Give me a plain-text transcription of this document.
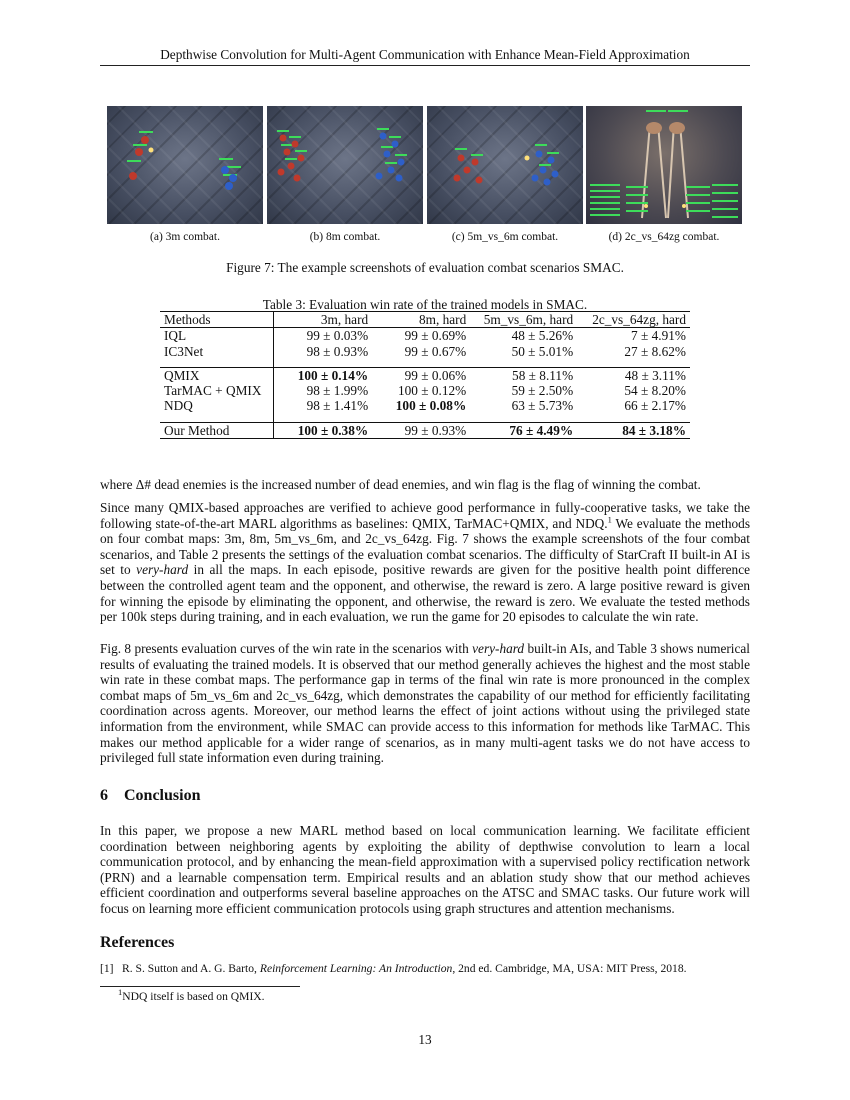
Depthwise Convolution for Multi-Agent Communication with Enhance Mean-Field Approximation
(a) 3m combat.	(b) 8m combat.	(c) 5m_vs_6m combat.	(d) 2c_vs_64zg combat.
Figure 7: The example screenshots of evaluation combat scenarios SMAC.
Table 3: Evaluation win rate of the trained models in SMAC.
Methods		3m, hard	8m, hard	5m_vs_6m, hard	2c_vs_64zg, hard
IQL		99 ± 0.03%	99 ± 0.69%	48 ± 5.26%	7 ± 4.91%
IC3Net		98 ± 0.93%	99 ± 0.67%	50 ± 5.01%	27 ± 8.62%

QMIX		100 ± 0.14%	99 ± 0.06%	58 ± 8.11%	48 ± 3.11%
TarMAC + QMIX		98 ± 1.99%	100 ± 0.12%	59 ± 2.50%	54 ± 8.20%
NDQ		98 ± 1.41%	100 ± 0.08%	63 ± 5.73%	66 ± 2.17%

Our Method		100 ± 0.38%	99 ± 0.93%	76 ± 4.49%	84 ± 3.18%

where Δ# dead enemies is the increased number of dead enemies, and win flag is the flag of winning the combat.

Since many QMIX-based approaches are verified to achieve good performance in fully-cooperative tasks, we take the following state-of-the-art MARL algorithms as baselines: QMIX, TarMAC+QMIX, and NDQ.$^1$ We evaluate the methods on four combat maps: 3m, 8m, 5m_vs_6m, and 2c_vs_64zg. Fig. 7 shows the example screenshots of the four combat scenarios, and Table 2 presents the settings of the evaluation combat scenarios. The difficulty of StarCraft II built-in AI is set to very-hard in all the maps. In each episode, positive rewards are given for the positive health point difference between the controlled agent team and the opponent, and otherwise, the reward is zero. A large positive reward is given for winning the episode by eliminating the opponent, and otherwise, the reward is zero. We evaluate the tested methods per 100k steps during training, and in each evaluation, we run the game for 20 episodes to calculate the win rate.

Fig. 8 presents evaluation curves of the win rate in the scenarios with very-hard built-in AIs, and Table 3 shows numerical results of evaluating the trained models. It is observed that our method generally achieves the highest and the most stable win rate in these combat maps. The performance gap in terms of the final win rate is more pronounced in the complex combat maps of 5m_vs_6m and 2c_vs_64zg, which demonstrates the capability of our method for efficiently facilitating coordination across agents. Moreover, our method learns the effect of joint actions without using the privileged state information from the environment, while SMAC can provide access to this information for methods like TarMAC. This makes our method applicable for a wider range of scenarios, as in many multi-agent tasks we do not have access to privileged full state information even during training.

6 Conclusion

In this paper, we propose a new MARL method based on local communication learning. We facilitate efficient coordination between neighboring agents by exploiting the ability of depthwise convolution to learn a local communication protocol, and by enhancing the mean-field approximation with a supervised policy rectification network (PRN) and a learnable compensation term. Empirical results and an ablation study show that our method achieves efficient coordination and outperforms several baseline approaches on the ATSC and SMAC tasks. Our future work will focus on learning more efficient communication protocols using graph structures and attention mechanisms.

References
[1] R. S. Sutton and A. G. Barto, Reinforcement Learning: An Introduction, 2nd ed. Cambridge, MA, USA: MIT Press, 2018.
$^1$NDQ itself is based on QMIX.
13
